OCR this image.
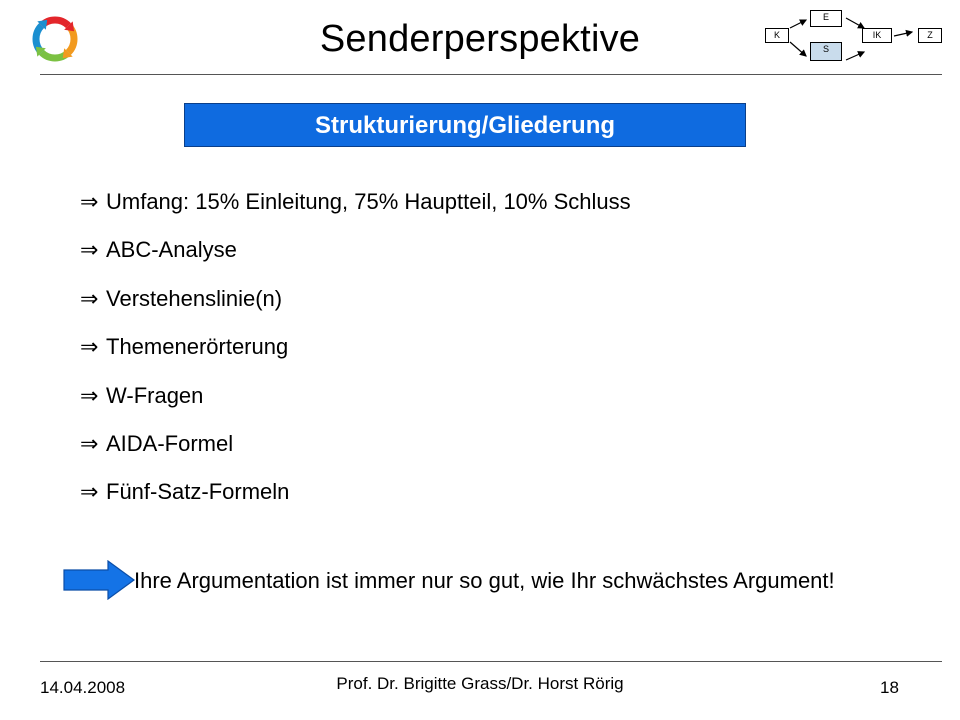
Senderperspektive	K
E
S
IK	Z
Strukturierung/Gliederung
⇒ Umfang: 15% Einleitung, 75% Hauptteil, 10% Schluss
⇒ ABC-Analyse
⇒ Verstehenslinie(n)
⇒ Themenerörterung
⇒ W-Fragen
⇒ AIDA-Formel
⇒ Fünf-Satz-Formeln
Ihre Argumentation ist immer nur so gut, wie Ihr schwächstes Argument!
14.04.2008	Prof. Dr. Brigitte Grass/Dr. Horst Rörig	18
